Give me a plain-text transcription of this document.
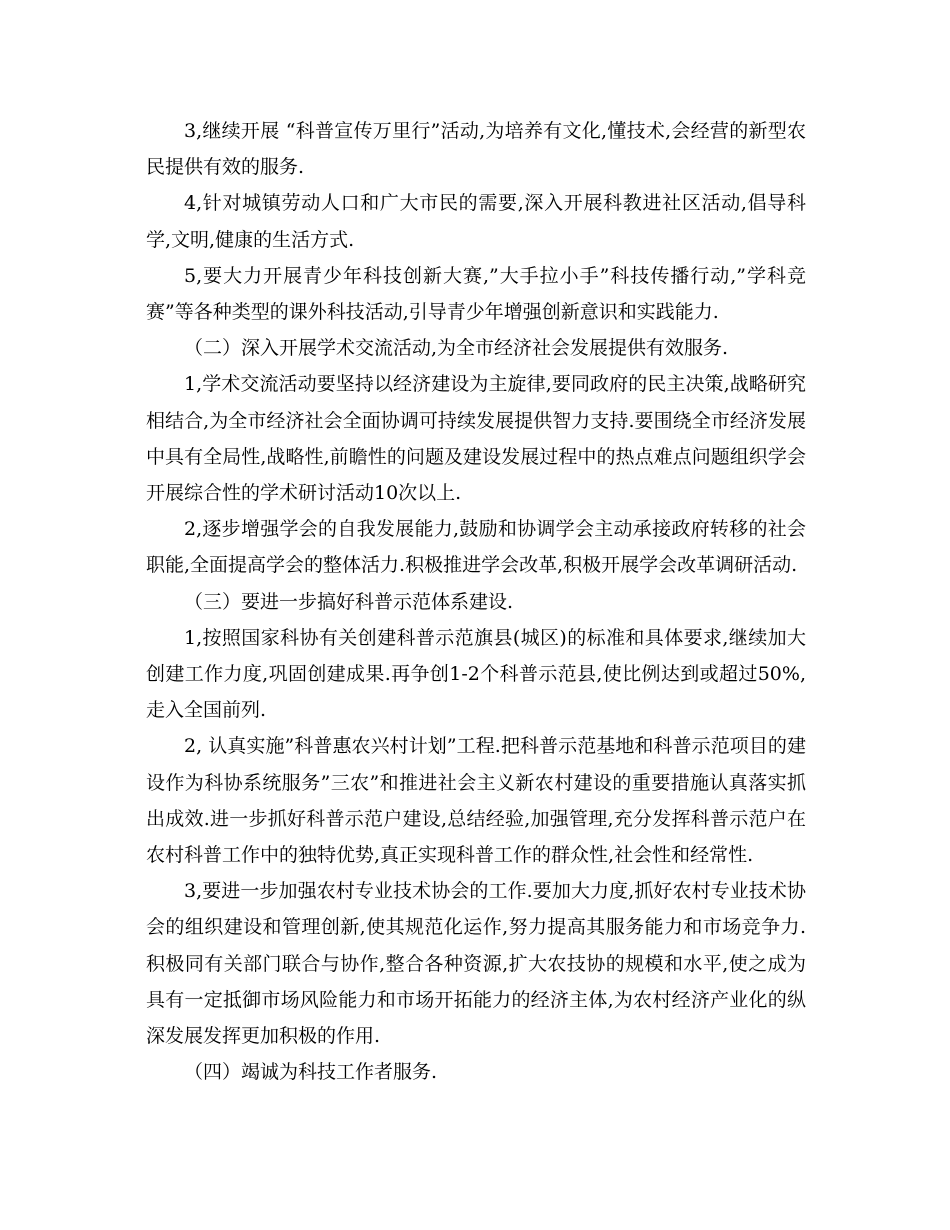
3,继续开展 “科普宣传万里行”活动,为培养有文化,懂技术,会经营的新型农民提供有效的服务.

4,针对城镇劳动人口和广大市民的需要,深入开展科教进社区活动,倡导科学,文明,健康的生活方式.

5,要大力开展青少年科技创新大赛,”大手拉小手”科技传播行动,”学科竞赛”等各种类型的课外科技活动,引导青少年增强创新意识和实践能力.

（二）深入开展学术交流活动,为全市经济社会发展提供有效服务.

1,学术交流活动要坚持以经济建设为主旋律,要同政府的民主决策,战略研究相结合,为全市经济社会全面协调可持续发展提供智力支持.要围绕全市经济发展中具有全局性,战略性,前瞻性的问题及建设发展过程中的热点难点问题组织学会开展综合性的学术研讨活动10次以上.

2,逐步增强学会的自我发展能力,鼓励和协调学会主动承接政府转移的社会职能,全面提高学会的整体活力.积极推进学会改革,积极开展学会改革调研活动.

（三）要进一步搞好科普示范体系建设.

1,按照国家科协有关创建科普示范旗县(城区)的标准和具体要求,继续加大创建工作力度,巩固创建成果.再争创1-2个科普示范县,使比例达到或超过50%,走入全国前列.

2, 认真实施”科普惠农兴村计划”工程.把科普示范基地和科普示范项目的建设作为科协系统服务”三农”和推进社会主义新农村建设的重要措施认真落实抓出成效.进一步抓好科普示范户建设,总结经验,加强管理,充分发挥科普示范户在农村科普工作中的独特优势,真正实现科普工作的群众性,社会性和经常性.

3,要进一步加强农村专业技术协会的工作.要加大力度,抓好农村专业技术协会的组织建设和管理创新,使其规范化运作,努力提高其服务能力和市场竞争力.积极同有关部门联合与协作,整合各种资源,扩大农技协的规模和水平,使之成为具有一定抵御市场风险能力和市场开拓能力的经济主体,为农村经济产业化的纵深发展发挥更加积极的作用.

（四）竭诚为科技工作者服务.
